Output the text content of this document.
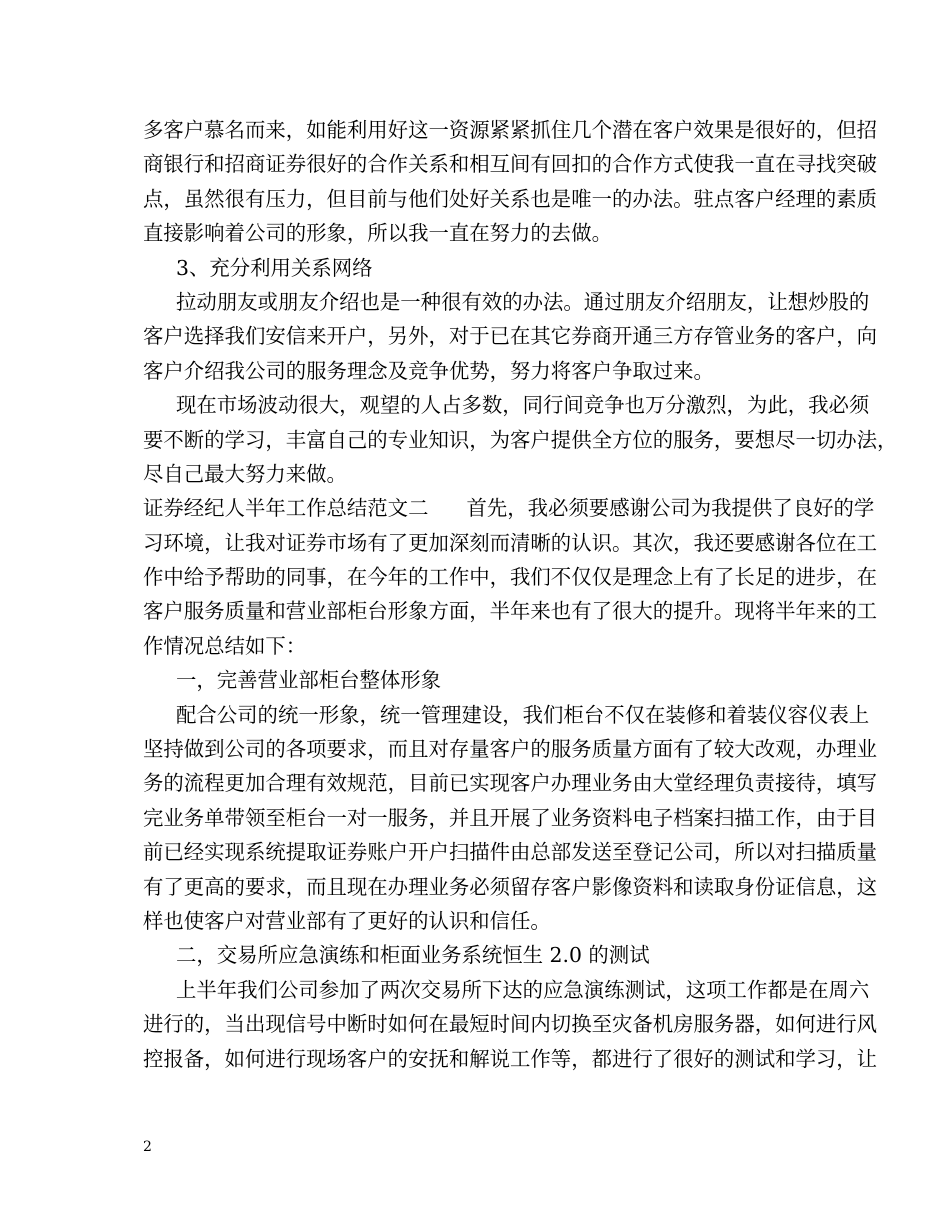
多客户慕名而来，如能利用好这一资源紧紧抓住几个潜在客户效果是很好的，但招
商银行和招商证券很好的合作关系和相互间有回扣的合作方式使我一直在寻找突破
点，虽然很有压力，但目前与他们处好关系也是唯一的办法。驻点客户经理的素质
直接影响着公司的形象，所以我一直在努力的去做。
3、充分利用关系网络
拉动朋友或朋友介绍也是一种很有效的办法。通过朋友介绍朋友，让想炒股的
客户选择我们安信来开户，另外，对于已在其它券商开通三方存管业务的客户，向
客户介绍我公司的服务理念及竞争优势，努力将客户争取过来。
现在市场波动很大，观望的人占多数，同行间竞争也万分激烈，为此，我必须
要不断的学习，丰富自己的专业知识，为客户提供全方位的服务，要想尽一切办法，
尽自己最大努力来做。
证券经纪人半年工作总结范文二 首先，我必须要感谢公司为我提供了良好的学
习环境，让我对证券市场有了更加深刻而清晰的认识。其次，我还要感谢各位在工
作中给予帮助的同事，在今年的工作中，我们不仅仅是理念上有了长足的进步，在
客户服务质量和营业部柜台形象方面，半年来也有了很大的提升。现将半年来的工
作情况总结如下：
一，完善营业部柜台整体形象
配合公司的统一形象，统一管理建设，我们柜台不仅在装修和着装仪容仪表上
坚持做到公司的各项要求，而且对存量客户的服务质量方面有了较大改观，办理业
务的流程更加合理有效规范，目前已实现客户办理业务由大堂经理负责接待，填写
完业务单带领至柜台一对一服务，并且开展了业务资料电子档案扫描工作，由于目
前已经实现系统提取证券账户开户扫描件由总部发送至登记公司，所以对扫描质量
有了更高的要求，而且现在办理业务必须留存客户影像资料和读取身份证信息，这
样也使客户对营业部有了更好的认识和信任。
二，交易所应急演练和柜面业务系统恒生 2.0 的测试
上半年我们公司参加了两次交易所下达的应急演练测试，这项工作都是在周六
进行的，当出现信号中断时如何在最短时间内切换至灾备机房服务器，如何进行风
控报备，如何进行现场客户的安抚和解说工作等，都进行了很好的测试和学习，让
2
